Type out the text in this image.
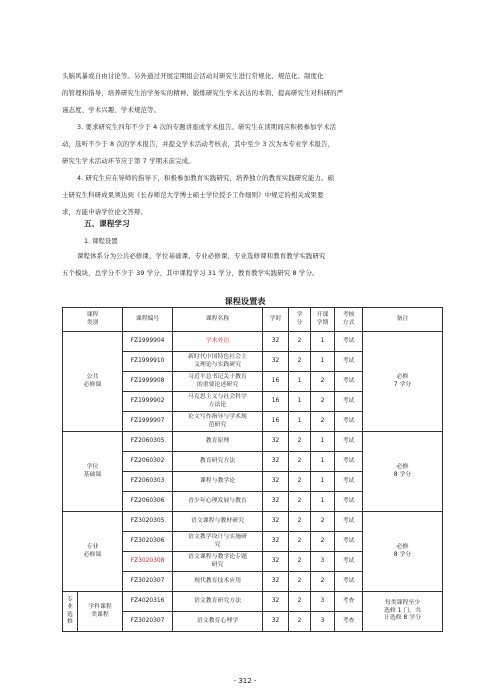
头脑风暴或自由讨论等。另外通过开展定期组会活动对研究生进行常规化、规范化、制度化
的管理和指导，培养研究生治学务实的精神、锻炼研究生学术表达的本领、提高研究生对科研的严
谨态度、学术兴趣、学术规范等。
3. 要求研究生四年不少于 4 次的专题讲座或学术报告。研究生在读期间应积极参加学术活
动，选听不少于 8 次的学术报告，并提交学术活动考核表，其中至少 3 次为本专业学术报告，
研究生学术活动环节应于第 7 学期末前完成。
4. 研究生应在导师的指导下，积极参加教育实践研究，培养独立的教育实践研究能力。硕
士研究生科研成果须达到《长春师范大学博士硕士学位授予工作细则》中规定的相关成果要
求，方能申请学位论文答辩。
五、课程学习
1. 课程设置
课程体系分为公共必修课、学位基础课、专业必修课、专业选修课和教育教学实践研究
五个模块，总学分不少于 39 学分，其中课程学习 31 学分，教育教学实践研究 8 学分。
课程设置表
课程
类别		课程编号	课程名称	学时	学
分	开课
学期	考核
方式	备注
公共
必修课		FZ1999904	学术外语	32	2	1	考试	必修
7 学分
		FZ1999910	新时代中国特色社会主
义理论与实践研究	32	2	1	考试	
		FZ1999908	习近平总书记关于教育
的重要论述研究	16	1	2	考试	
		FZ1999902	马克思主义与社会科学
方法论	16	1	2	考试	
		FZ1999907	论文写作指导与学术规
范研究	16	1	2	考试	
学位
基础课		FZ2060305	教育原理	32	2	1	考试	必修
8 学分
		FZ2060302	教育研究方法	32	2	1	考试	
		FZ2060303	课程与教学论	32	2	1	考试	
		FZ2060306	青少年心理发展与教育	32	2	1	考试	
专业
必修课		FZ3020305	语文课程与教材研究	32	2	2	考试	必修
8 学分
		FZ3020306	语文教学设计与实施研
究	32	2	2	考试	
		FZ3020308	语文课程与教学论专题
研究	32	2	3	考试	
		FZ3020307	现代教育技术应用	32	2	2	考试	
专
业
选
修	学科课程
类课程	FZ4020316	语文教育研究方法	32	2	3	考查	每类课程至少
选修 1 门，共
计选修 8 学分
		FZ3020307	语文教育心理学	32	2	3	考查	
- 312 -
